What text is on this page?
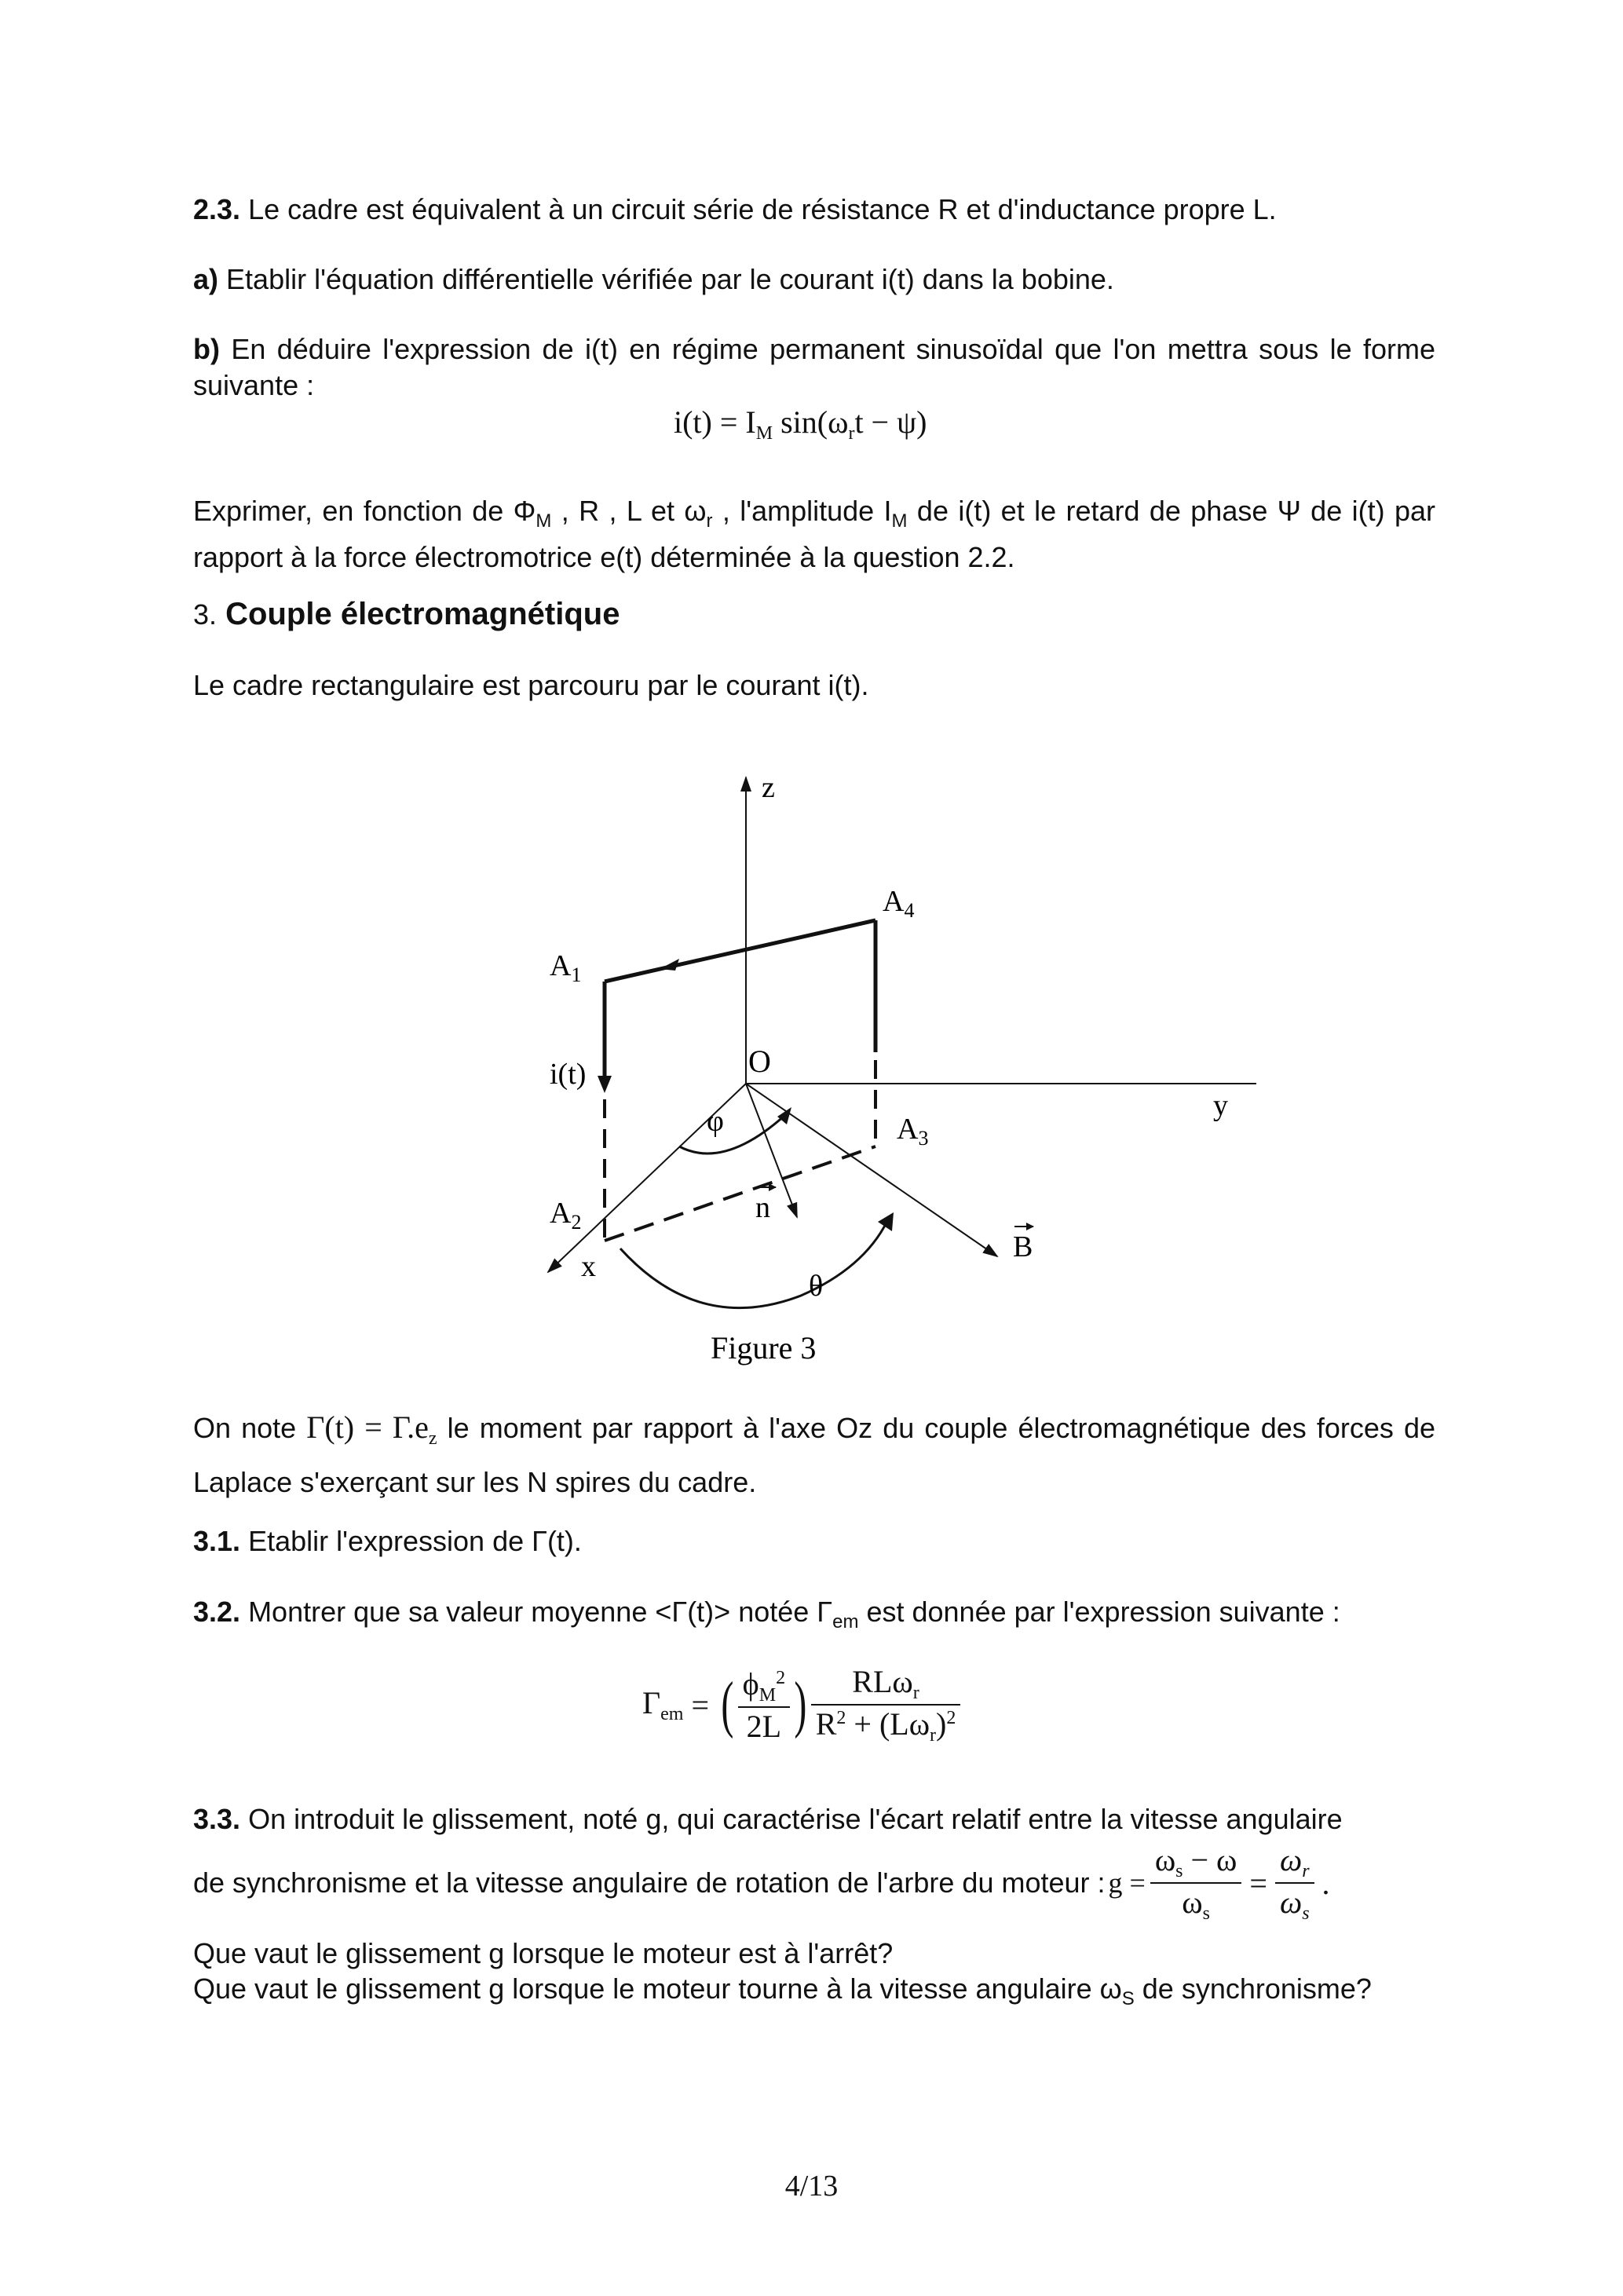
2.3. Le cadre est équivalent à un circuit série de résistance R et d'inductance propre L.
a) Etablir l'équation différentielle vérifiée par le courant i(t) dans la bobine.
b) En déduire l'expression de i(t) en régime permanent sinusoïdal que l'on mettra sous le forme suivante :
$i(t) = I_M$ $\sin(\omega_rt - \psi)$
Exprimer, en fonction de $\Phi_M$ , R , L et $\omega_r$ , l'amplitude $I_M$ de i(t) et le retard de phase Ψ de i(t) par rapport à la force électromotrice e(t) déterminée à la question 2.2.
3. Couple électromagnétique
Le cadre rectangulaire est parcouru par le courant i(t).
z
y
x
O
$A_1$
$A_2$
$A_3$
$A_4$
i(t)
φ
θ
n
B
Figure 3
On note $\Gamma(t) = \Gamma.e_z$ le moment par rapport à l'axe Oz du couple électromagnétique des forces de Laplace s'exerçant sur les N spires du cadre.
3.1. Etablir l'expression de Γ(t).
3.2. Montrer que sa valeur moyenne <Γ(t)> notée $\Gamma_{em}$ est donnée par l'expression suivante :
$\Gamma_{em}$ = ( $\frac{\phi_M^2}{2L}$ ) $\frac{RL\omega_r}{R^2 + (L\omega_r)^2}$
3.3. On introduit le glissement, noté g, qui caractérise l'écart relatif entre la vitesse angulaire
de synchronisme et la vitesse angulaire de rotation de l'arbre du moteur : $g = \frac{\omega_s - \omega}{\omega_s} = \frac{\omega_r}{\omega_s}$ .
Que vaut le glissement g lorsque le moteur est à l'arrêt?
Que vaut le glissement g lorsque le moteur tourne à la vitesse angulaire $\omega_S$ de synchronisme?
4/13
